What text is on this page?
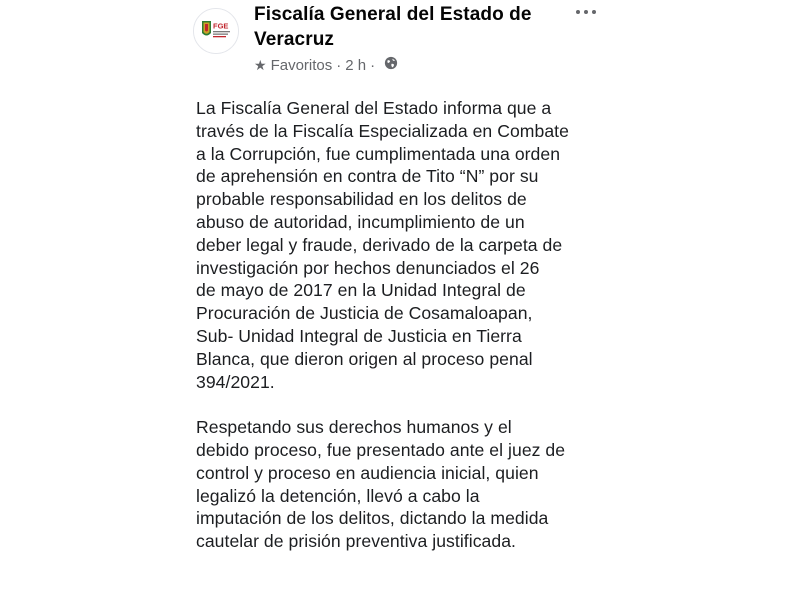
FGE
Fiscalía General del Estado de Veracruz
★ Favoritos · 2 h ·

La Fiscalía General del Estado informa que a
través de la Fiscalía Especializada en Combate
a la Corrupción, fue cumplimentada una orden
de aprehensión en contra de Tito “N” por su
probable responsabilidad en los delitos de
abuso de autoridad, incumplimiento de un
deber legal y fraude, derivado de la carpeta de
investigación por hechos denunciados el 26
de mayo de 2017 en la Unidad Integral de
Procuración de Justicia de Cosamaloapan,
Sub- Unidad Integral de Justicia en Tierra
Blanca, que dieron origen al proceso penal
394/2021.

Respetando sus derechos humanos y el
debido proceso, fue presentado ante el juez de
control y proceso en audiencia inicial, quien
legalizó la detención, llevó a cabo la
imputación de los delitos, dictando la medida
cautelar de prisión preventiva justificada.
